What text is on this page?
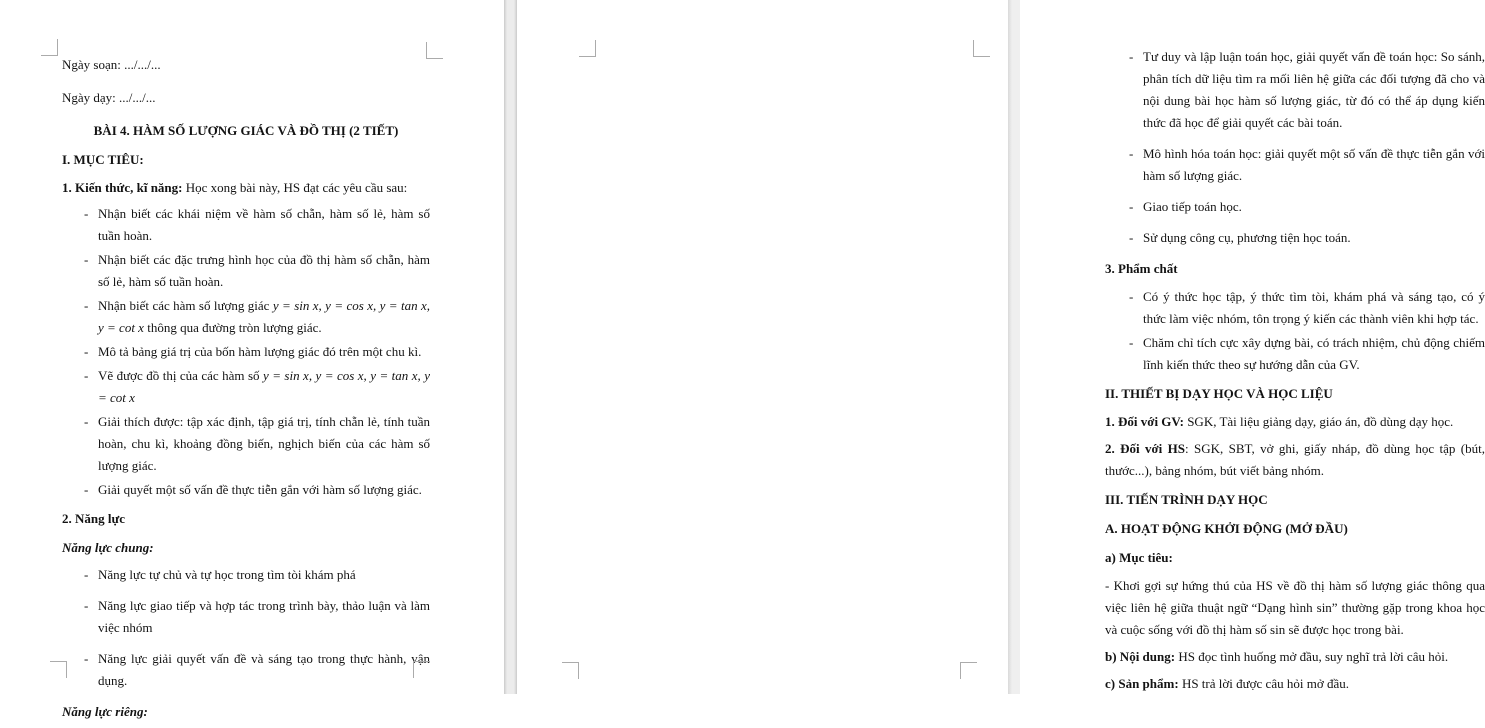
Ngày soạn: .../.../...

Ngày dạy: .../.../...

BÀI 4. HÀM SỐ LƯỢNG GIÁC VÀ ĐỒ THỊ (2 TIẾT)

I. MỤC TIÊU:

1. Kiến thức, kĩ năng: Học xong bài này, HS đạt các yêu cầu sau:

- Nhận biết các khái niệm về hàm số chẵn, hàm số lẻ, hàm số tuần hoàn.
- Nhận biết các đặc trưng hình học của đồ thị hàm số chẵn, hàm số lẻ, hàm số tuần hoàn.
- Nhận biết các hàm số lượng giác y = sin x, y = cos x, y = tan x, y = cot x thông qua đường tròn lượng giác.
- Mô tả bảng giá trị của bốn hàm lượng giác đó trên một chu kì.
- Vẽ được đồ thị của các hàm số y = sin x, y = cos x, y = tan x, y = cot x
- Giải thích được: tập xác định, tập giá trị, tính chẵn lẻ, tính tuần hoàn, chu kì, khoảng đồng biến, nghịch biến của các hàm số lượng giác.
- Giải quyết một số vấn đề thực tiễn gắn với hàm số lượng giác.

2. Năng lực

Năng lực chung:

- Năng lực tự chủ và tự học trong tìm tòi khám phá
- Năng lực giao tiếp và hợp tác trong trình bày, thảo luận và làm việc nhóm
- Năng lực giải quyết vấn đề và sáng tạo trong thực hành, vận dụng.

Năng lực riêng:

- Tư duy và lập luận toán học, giải quyết vấn đề toán học: So sánh, phân tích dữ liệu tìm ra mối liên hệ giữa các đối tượng đã cho và nội dung bài học hàm số lượng giác, từ đó có thể áp dụng kiến thức đã học để giải quyết các bài toán.
- Mô hình hóa toán học: giải quyết một số vấn đề thực tiễn gắn với hàm số lượng giác.
- Giao tiếp toán học.
- Sử dụng công cụ, phương tiện học toán.

3. Phẩm chất

- Có ý thức học tập, ý thức tìm tòi, khám phá và sáng tạo, có ý thức làm việc nhóm, tôn trọng ý kiến các thành viên khi hợp tác.
- Chăm chỉ tích cực xây dựng bài, có trách nhiệm, chủ động chiếm lĩnh kiến thức theo sự hướng dẫn của GV.

II. THIẾT BỊ DẠY HỌC VÀ HỌC LIỆU

1. Đối với GV: SGK, Tài liệu giảng dạy, giáo án, đồ dùng dạy học.

2. Đối với HS: SGK, SBT, vở ghi, giấy nháp, đồ dùng học tập (bút, thước...), bảng nhóm, bút viết bảng nhóm.

III. TIẾN TRÌNH DẠY HỌC

A. HOẠT ĐỘNG KHỞI ĐỘNG (MỞ ĐẦU)

a) Mục tiêu:

- Khơi gợi sự hứng thú của HS về đồ thị hàm số lượng giác thông qua việc liên hệ giữa thuật ngữ “Dạng hình sin” thường gặp trong khoa học và cuộc sống với đồ thị hàm số sin sẽ được học trong bài.

b) Nội dung: HS đọc tình huống mở đầu, suy nghĩ trả lời câu hỏi.

c) Sản phẩm: HS trả lời được câu hỏi mở đầu.
